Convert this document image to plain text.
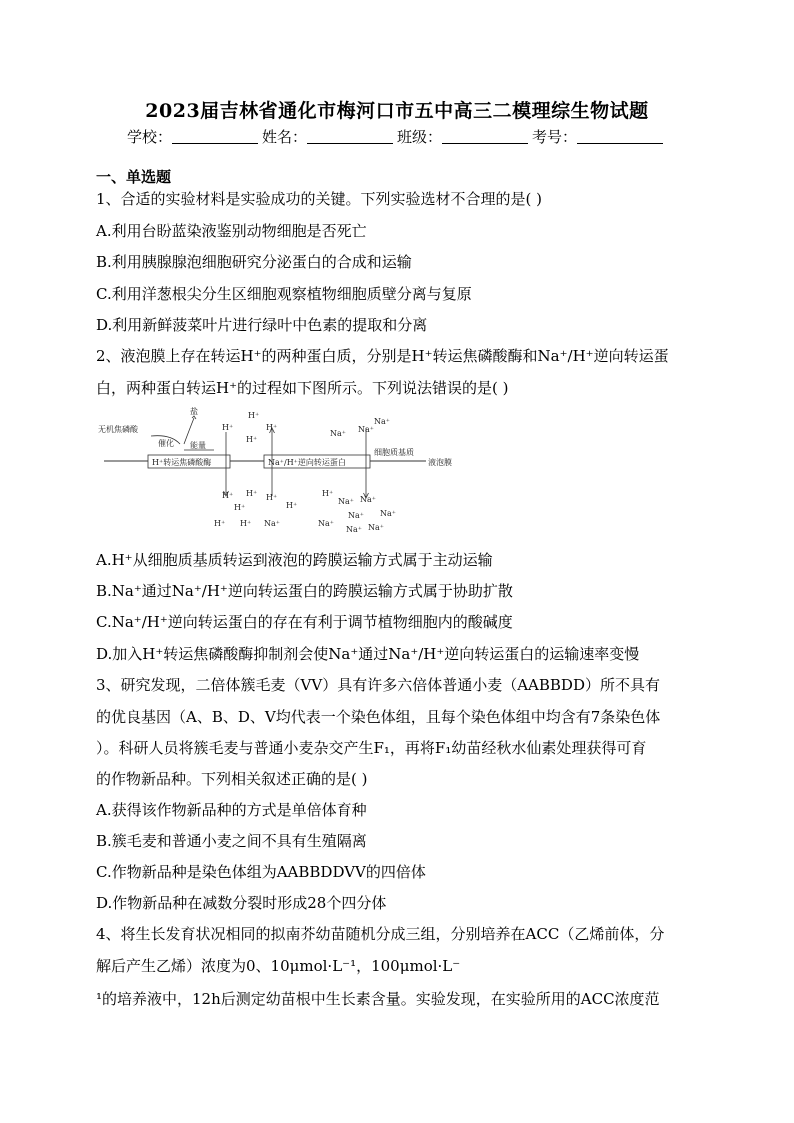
2023届吉林省通化市梅河口市五中高三二模理综生物试题
学校：	姓名：	班级：	考号：
一、单选题
1、合适的实验材料是实验成功的关键。下列实验选材不合理的是( )
A.利用台盼蓝染液鉴别动物细胞是否死亡
B.利用胰腺腺泡细胞研究分泌蛋白的合成和运输
C.利用洋葱根尖分生区细胞观察植物细胞质壁分离与复原
D.利用新鲜菠菜叶片进行绿叶中色素的提取和分离
2、液泡膜上存在转运H⁺的两种蛋白质，分别是H⁺转运焦磷酸酶和Na⁺/H⁺逆向转运蛋
白，两种蛋白转运H⁺的过程如下图所示。下列说法错误的是( )
H⁺转运焦磷酸酶	Na⁺/H⁺逆向转运蛋白
细胞质基质
液泡膜
无机焦磷酸
盐
催化 能量
H⁺
H⁺
H⁺
H⁺
Na⁺ Na⁺
Na⁺
H⁺ H⁺ H⁺
H⁺
H⁺
H⁺ H⁺ Na⁺
H⁺
Na⁺ Na⁺
Na⁺
Na⁺
Na⁺ Na⁺
Na⁺
A.H⁺从细胞质基质转运到液泡的跨膜运输方式属于主动运输
B.Na⁺通过Na⁺/H⁺逆向转运蛋白的跨膜运输方式属于协助扩散
C.Na⁺/H⁺逆向转运蛋白的存在有利于调节植物细胞内的酸碱度
D.加入H⁺转运焦磷酸酶抑制剂会使Na⁺通过Na⁺/H⁺逆向转运蛋白的运输速率变慢
3、研究发现，二倍体簇毛麦（VV）具有许多六倍体普通小麦（AABBDD）所不具有
的优良基因（A、B、D、V均代表一个染色体组，且每个染色体组中均含有7条染色体
）。科研人员将簇毛麦与普通小麦杂交产生F₁，再将F₁幼苗经秋水仙素处理获得可育
的作物新品种。下列相关叙述正确的是( )
A.获得该作物新品种的方式是单倍体育种
B.簇毛麦和普通小麦之间不具有生殖隔离
C.作物新品种是染色体组为AABBDDVV的四倍体
D.作物新品种在减数分裂时形成28个四分体
4、将生长发育状况相同的拟南芥幼苗随机分成三组，分别培养在ACC（乙烯前体，分
解后产生乙烯）浓度为0、10μmol·L⁻¹，100μmol·L⁻
¹的培养液中，12h后测定幼苗根中生长素含量。实验发现，在实验所用的ACC浓度范
